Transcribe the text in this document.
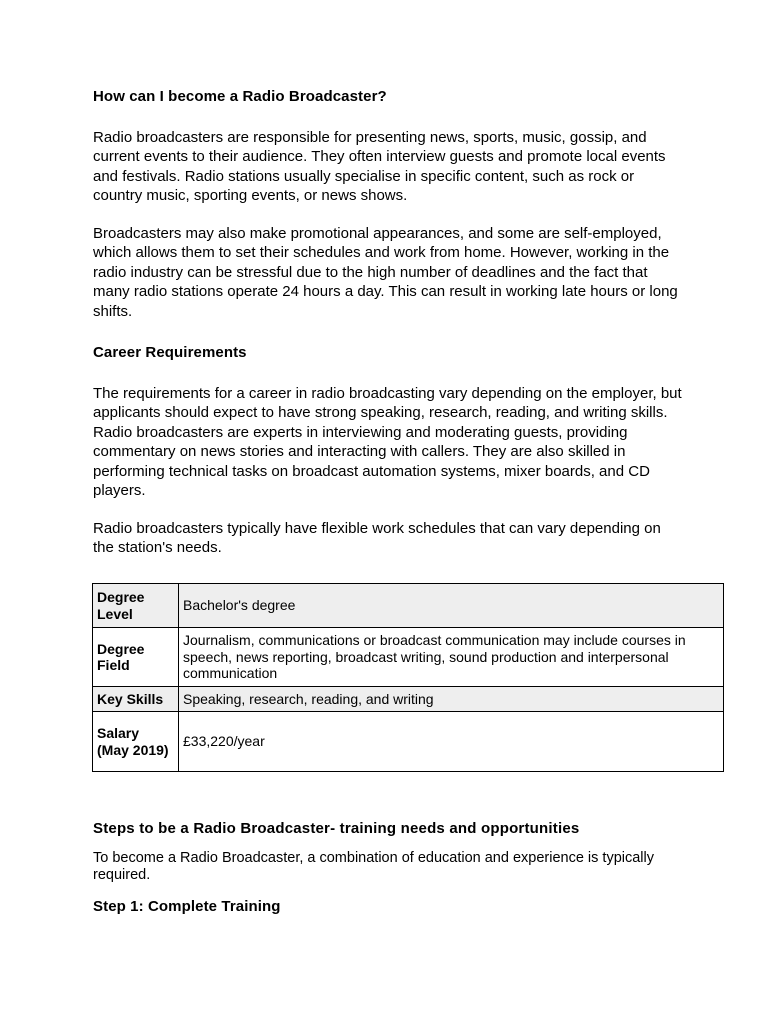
How can I become a Radio Broadcaster?

Radio broadcasters are responsible for presenting news, sports, music, gossip, and current events to their audience. They often interview guests and promote local events and festivals. Radio stations usually specialise in specific content, such as rock or country music, sporting events, or news shows.

Broadcasters may also make promotional appearances, and some are self-employed, which allows them to set their schedules and work from home. However, working in the radio industry can be stressful due to the high number of deadlines and the fact that many radio stations operate 24 hours a day. This can result in working late hours or long shifts.

Career Requirements

The requirements for a career in radio broadcasting vary depending on the employer, but applicants should expect to have strong speaking, research, reading, and writing skills. Radio broadcasters are experts in interviewing and moderating guests, providing commentary on news stories and interacting with callers. They are also skilled in performing technical tasks on broadcast automation systems, mixer boards, and CD players.

Radio broadcasters typically have flexible work schedules that can vary depending on the station's needs.

Degree Level	Bachelor's degree
Degree Field	Journalism, communications or broadcast communication may include courses in speech, news reporting, broadcast writing, sound production and interpersonal communication
Key Skills	Speaking, research, reading, and writing
Salary (May 2019)	£33,220/year
Steps to be a Radio Broadcaster- training needs and opportunities

To become a Radio Broadcaster, a combination of education and experience is typically required.

Step 1: Complete Training
